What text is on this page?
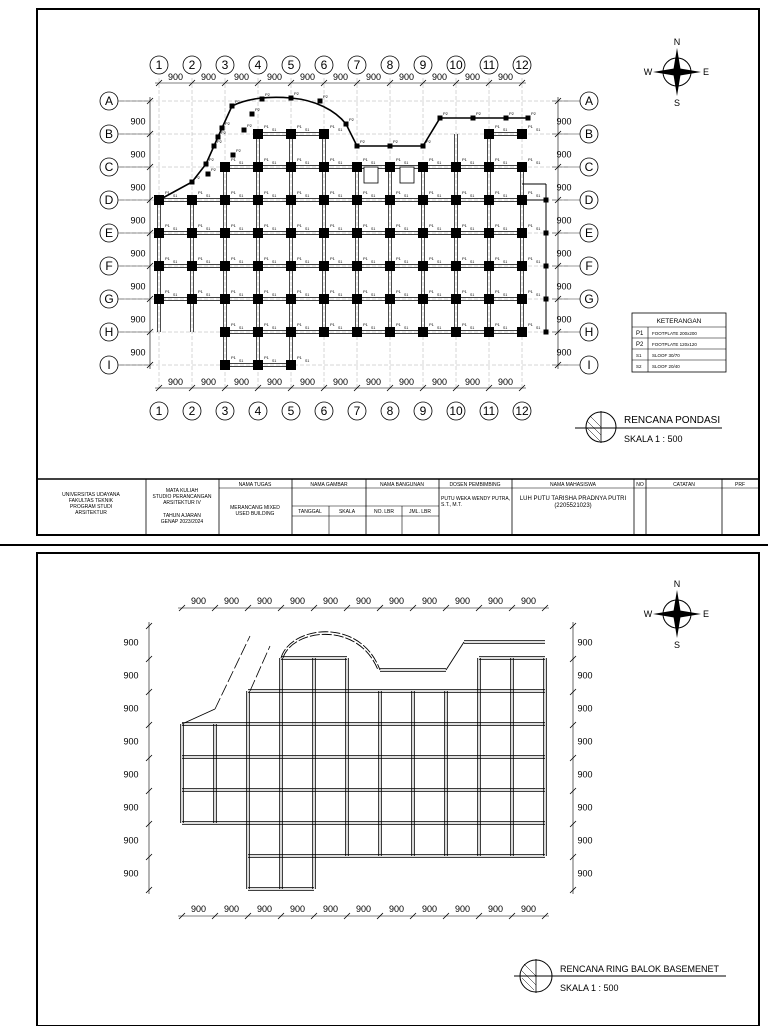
P1
S1
P1
S1
P1
S1
P1
S1
P1
S1
P1
S1
P1
S1
P1
S1
P1
S1
P1
S1
P1
S1
P1
S1
P1
S1
P1
S1
P1
S1
P1
S1
P1
S1
P1
S1
P1
S1
P1
S1
P1
S1
P1
S1
P1
S1
P1
S1
P1
S1
P1
S1
P1
S1
P1
S1
P1
S1
P1
S1
P1
S1
P1
S1
P1
S1
P1
S1
P1
S1
P1
S1
P1
S1
P1
S1
P1
S1
P1
S1
P1
S1
P1
S1
P1
S1
P1
S1
P1
S1
P1
S1
P1
S1
P1
S1
P1
S1
P1
S1
P1
S1
P1
S1
P1
S1
P1
S1
P1
S1
P1
S1
P1
S1
P1
S1
P1
S1
P1
S1
P1
S1
P1
S1
P1
S1
P1
S1
P1
S1
P1
S1
P1
S1
P1
S1
P1
S1
P1
S1
P1
S1
P1
S1
P1
S1
P1
S1
P1
S1
P1
S1
P2
P2
P2
P2
P2
P2	P2
P2
P2
P2	P2	P2
P2	P2	P2	P2
P2
P2
P2
P2
P2
1
1
2
2
3
3
4
4
5
5
6
6
7
7
8
8
9
9
10
10
11
11
12
12
A	A
B	B
C	C
D	D
E	E
F	F
G	G
H	H
I	I
900 900 900 900 900 900 900 900 900 900 900
900 900 900 900 900 900 900 900 900 900 900
900
900
900
900
900
900
900
900
900
900
900
900
900
900
900
900
N
S
E
W
KETERANGAN
P1 FOOTPLATE 200x200
P2 FOOTPLATE 120x120
S1 SLOOF 30/70
S2 SLOOF 20/40
RENCANA PONDASI
SKALA 1 : 500
UNIVERSITAS UDAYANA
FAKULTAS TEKNIK
PROGRAM STUDI
ARSITEKTUR
MATA KULIAH
STUDIO PERANCANGAN
ARSITEKTUR IV
TAHUN AJARAN
GENAP 2023/2024
NAMA TUGAS	NAMA GAMBAR	NAMA BANGUNAN	DOSEN PEMBIMBING	NAMA MAHASISWA	NO	CATATAN	PRF
MERANCANG MIXED
USED BUILDING	TANGGAL	SKALA	NO. LBR	JML. LBR
PUTU WEKA WENDY PUTRA,
S.T., M.T.
LUH PUTU TARISHA PRADNYA PUTRI
(2205521023)
900 900 900 900 900 900 900 900 900 900 900
900 900 900 900 900 900 900 900 900 900 900
900
900
900
900
900
900
900
900
900
900
900
900
900
900
900
900
N
S
E
W
RENCANA RING BALOK BASEMENET
SKALA 1 : 500
